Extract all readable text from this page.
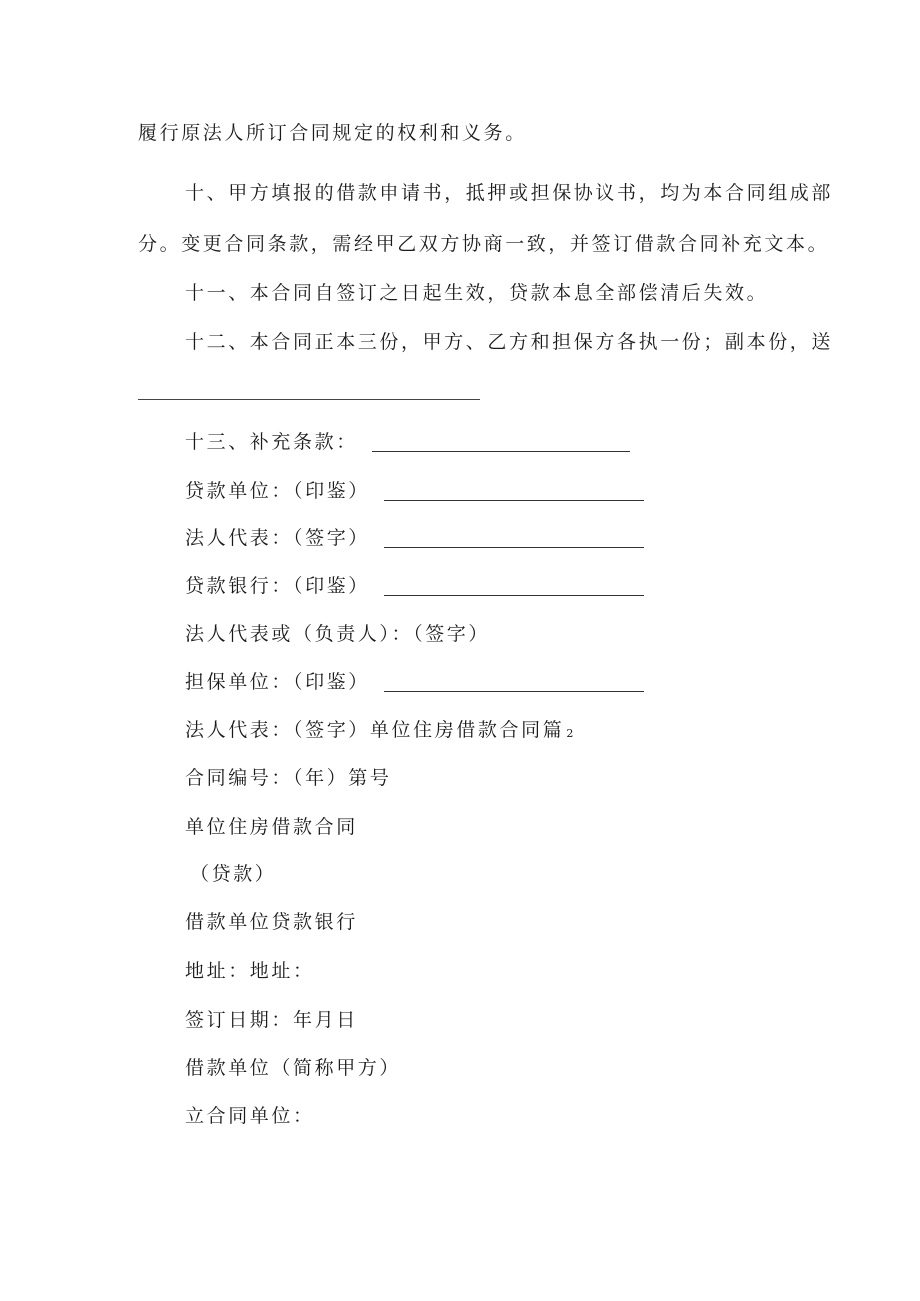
履行原法人所订合同规定的权利和义务。
十、甲方填报的借款申请书，抵押或担保协议书，均为本合同组成部
分。变更合同条款，需经甲乙双方协商一致，并签订借款合同补充文本。
十一、本合同自签订之日起生效，贷款本息全部偿清后失效。
十二、本合同正本三份，甲方、乙方和担保方各执一份；副本份，送
十三、补充条款：
贷款单位：（印鉴）
法人代表：（签字）
贷款银行：（印鉴）
法人代表或（负责人）：（签字）
担保单位：（印鉴）
法人代表：（签字）单位住房借款合同篇 2
合同编号：（年）第号
单位住房借款合同
（贷款）
借款单位贷款银行
地址：地址：
签订日期：年月日
借款单位（简称甲方）
立合同单位：
